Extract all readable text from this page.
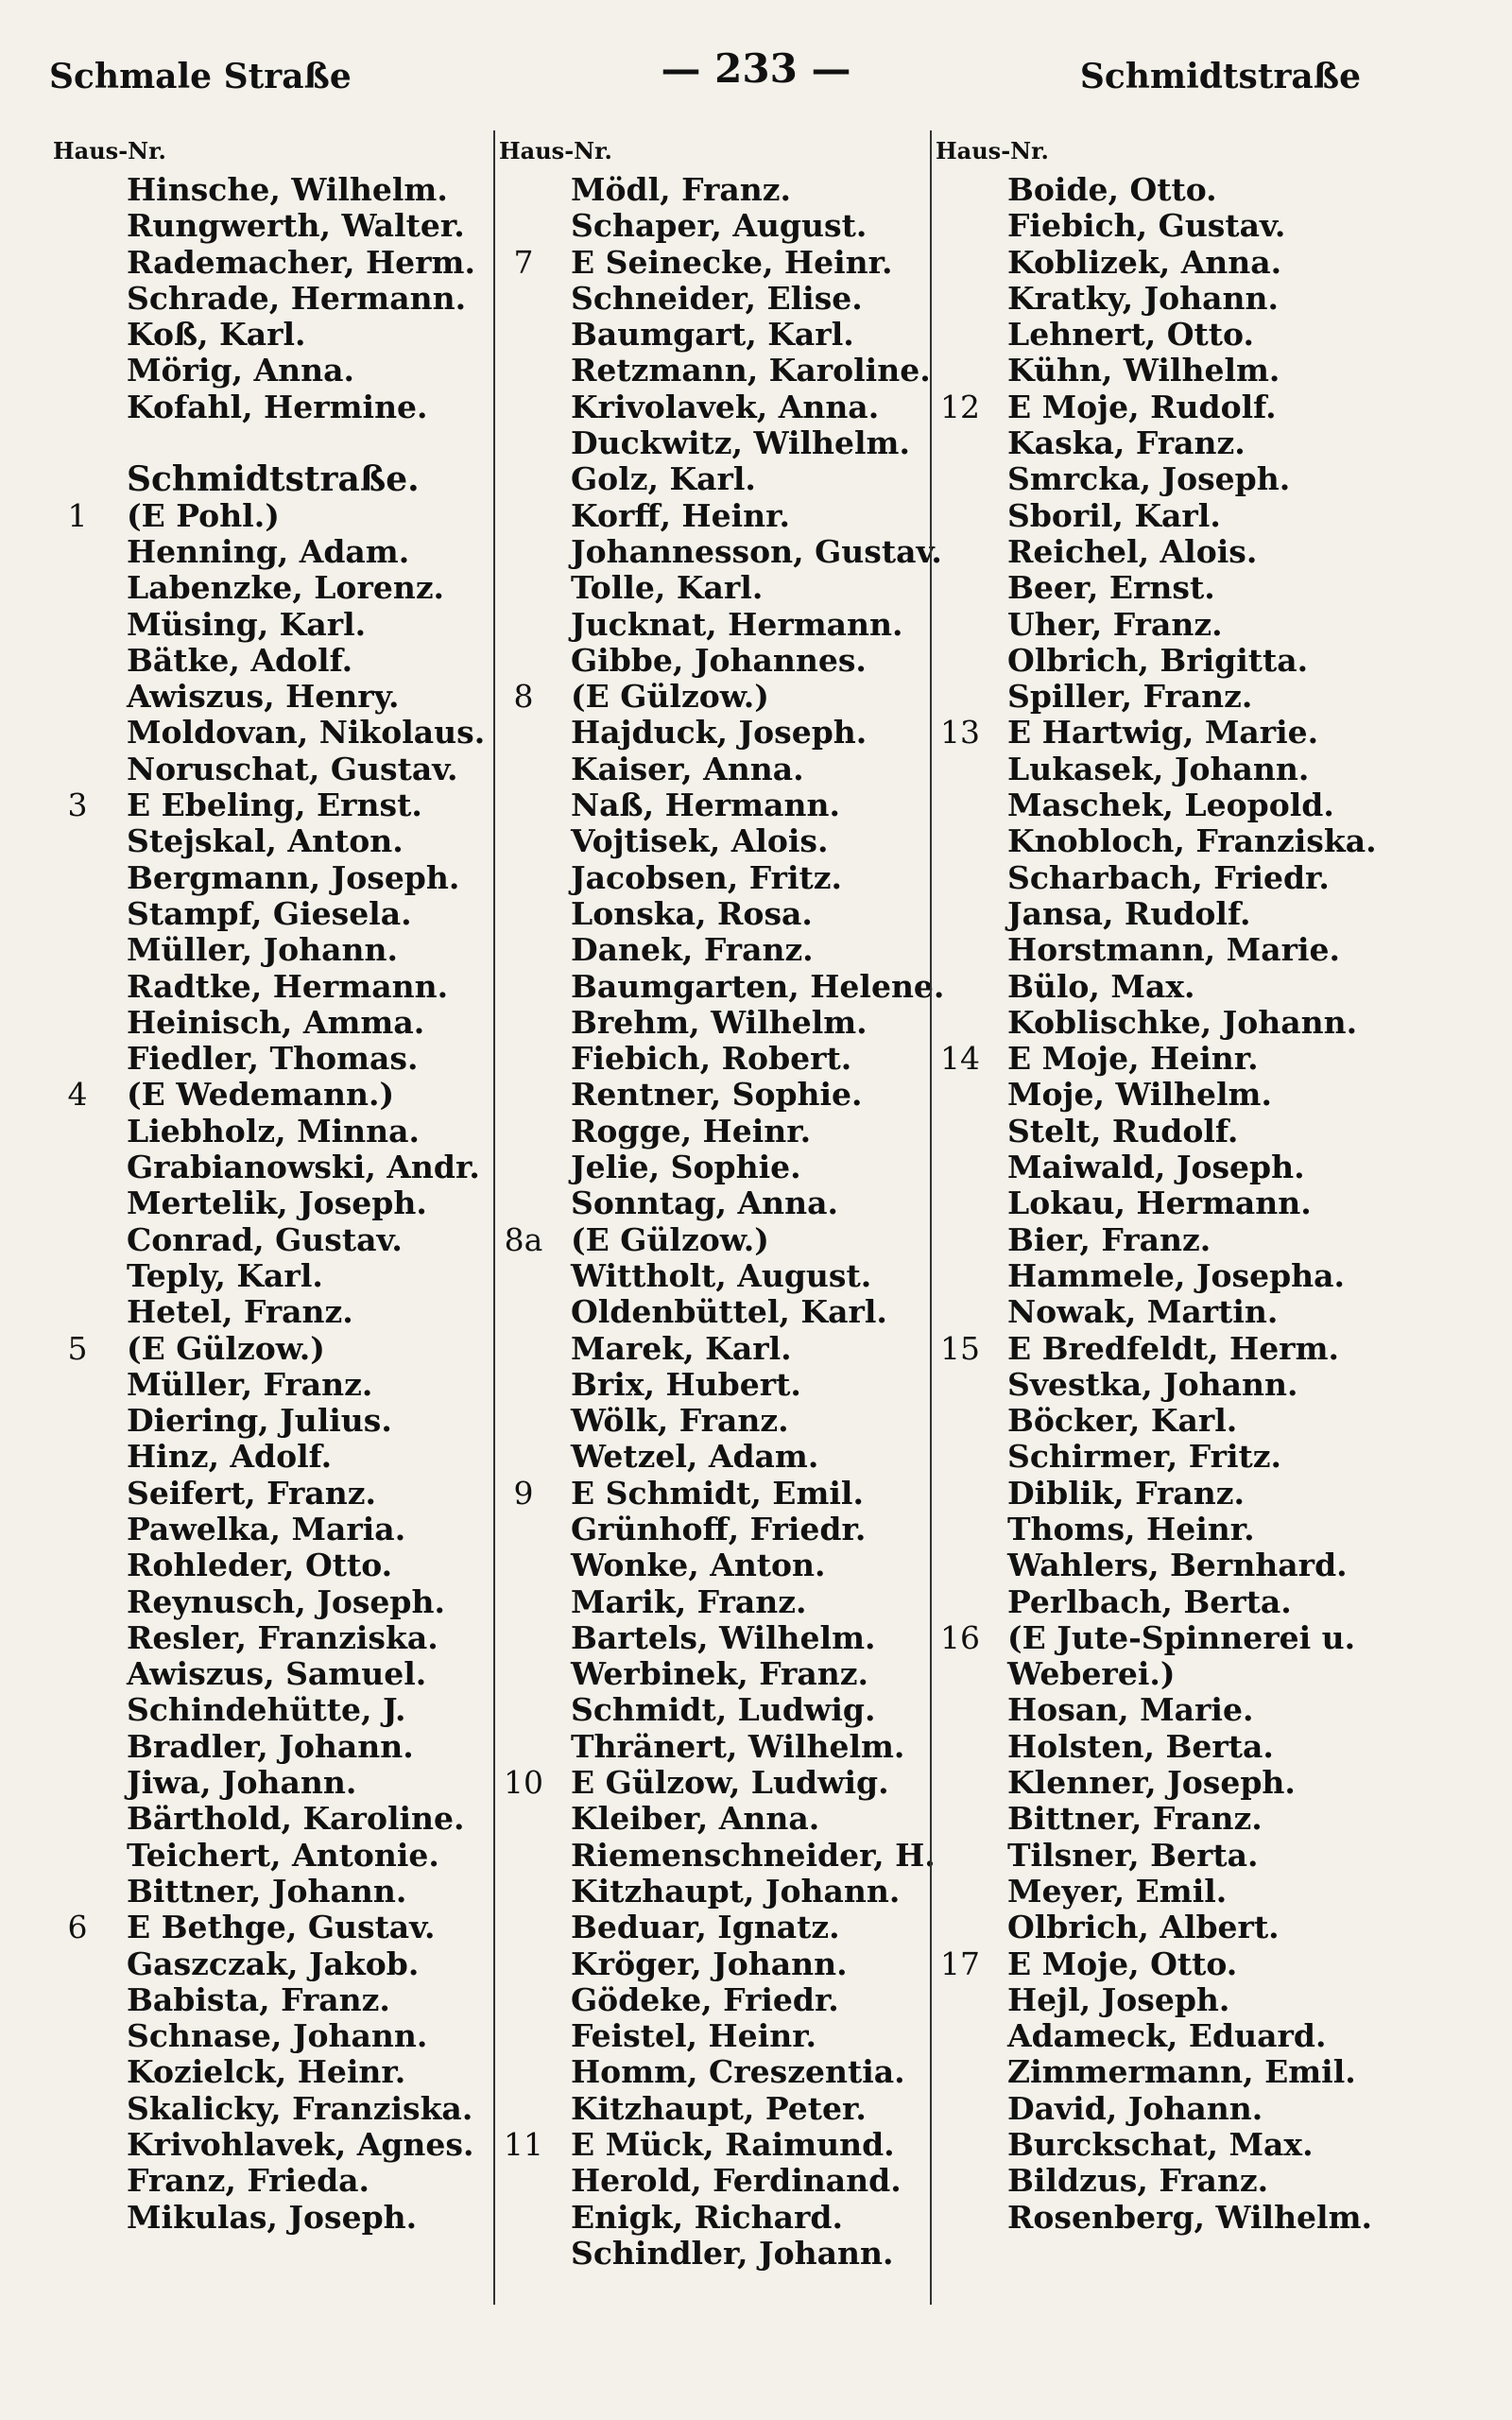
Schmale Straße	— 233 —	Schmidtstraße
Haus-Nr.
Hinsche, Wilhelm.
Rungwerth, Walter.
Rademacher, Herm.
Schrade, Hermann.
Koß, Karl.
Mörig, Anna.
Kofahl, Hermine.
Schmidtstraße.
1	(E Pohl.)
Henning, Adam.
Labenzke, Lorenz.
Müsing, Karl.
Bätke, Adolf.
Awiszus, Henry.
Moldovan, Nikolaus.
Noruschat, Gustav.
3	E Ebeling, Ernst.
Stejskal, Anton.
Bergmann, Joseph.
Stampf, Giesela.
Müller, Johann.
Radtke, Hermann.
Heinisch, Amma.
Fiedler, Thomas.
4	(E Wedemann.)
Liebholz, Minna.
Grabianowski, Andr.
Mertelik, Joseph.
Conrad, Gustav.
Teply, Karl.
Hetel, Franz.
5	(E Gülzow.)
Müller, Franz.
Diering, Julius.
Hinz, Adolf.
Seifert, Franz.
Pawelka, Maria.
Rohleder, Otto.
Reynusch, Joseph.
Resler, Franziska.
Awiszus, Samuel.
Schindehütte, J.
Bradler, Johann.
Jiwa, Johann.
Bärthold, Karoline.
Teichert, Antonie.
Bittner, Johann.
6	E Bethge, Gustav.
Gaszczak, Jakob.
Babista, Franz.
Schnase, Johann.
Kozielck, Heinr.
Skalicky, Franziska.
Krivohlavek, Agnes.
Franz, Frieda.
Mikulas, Joseph.
Haus-Nr.
Mödl, Franz.
Schaper, August.
7	E Seinecke, Heinr.
Schneider, Elise.
Baumgart, Karl.
Retzmann, Karoline.
Krivolavek, Anna.
Duckwitz, Wilhelm.
Golz, Karl.
Korff, Heinr.
Johannesson, Gustav.
Tolle, Karl.
Jucknat, Hermann.
Gibbe, Johannes.
8	(E Gülzow.)
Hajduck, Joseph.
Kaiser, Anna.
Naß, Hermann.
Vojtisek, Alois.
Jacobsen, Fritz.
Lonska, Rosa.
Danek, Franz.
Baumgarten, Helene.
Brehm, Wilhelm.
Fiebich, Robert.
Rentner, Sophie.
Rogge, Heinr.
Jelie, Sophie.
Sonntag, Anna.
8a (E Gülzow.)
Wittholt, August.
Oldenbüttel, Karl.
Marek, Karl.
Brix, Hubert.
Wölk, Franz.
Wetzel, Adam.
9	E Schmidt, Emil.
Grünhoff, Friedr.
Wonke, Anton.
Marik, Franz.
Bartels, Wilhelm.
Werbinek, Franz.
Schmidt, Ludwig.
Thränert, Wilhelm.
10 E Gülzow, Ludwig.
Kleiber, Anna.
Riemenschneider, H.
Kitzhaupt, Johann.
Beduar, Ignatz.
Kröger, Johann.
Gödeke, Friedr.
Feistel, Heinr.
Homm, Creszentia.
Kitzhaupt, Peter.
11 E Mück, Raimund.
Herold, Ferdinand.
Enigk, Richard.
Schindler, Johann.
Haus-Nr.
Boide, Otto.
Fiebich, Gustav.
Koblizek, Anna.
Kratky, Johann.
Lehnert, Otto.
Kühn, Wilhelm.
12 E Moje, Rudolf.
Kaska, Franz.
Smrcka, Joseph.
Sboril, Karl.
Reichel, Alois.
Beer, Ernst.
Uher, Franz.
Olbrich, Brigitta.
Spiller, Franz.
13 E Hartwig, Marie.
Lukasek, Johann.
Maschek, Leopold.
Knobloch, Franziska.
Scharbach, Friedr.
Jansa, Rudolf.
Horstmann, Marie.
Bülo, Max.
Koblischke, Johann.
14 E Moje, Heinr.
Moje, Wilhelm.
Stelt, Rudolf.
Maiwald, Joseph.
Lokau, Hermann.
Bier, Franz.
Hammele, Josepha.
Nowak, Martin.
15 E Bredfeldt, Herm.
Svestka, Johann.
Böcker, Karl.
Schirmer, Fritz.
Diblik, Franz.
Thoms, Heinr.
Wahlers, Bernhard.
Perlbach, Berta.
16 (E Jute-Spinnerei u.
Weberei.)
Hosan, Marie.
Holsten, Berta.
Klenner, Joseph.
Bittner, Franz.
Tilsner, Berta.
Meyer, Emil.
Olbrich, Albert.
17 E Moje, Otto.
Hejl, Joseph.
Adameck, Eduard.
Zimmermann, Emil.
David, Johann.
Burckschat, Max.
Bildzus, Franz.
Rosenberg, Wilhelm.
